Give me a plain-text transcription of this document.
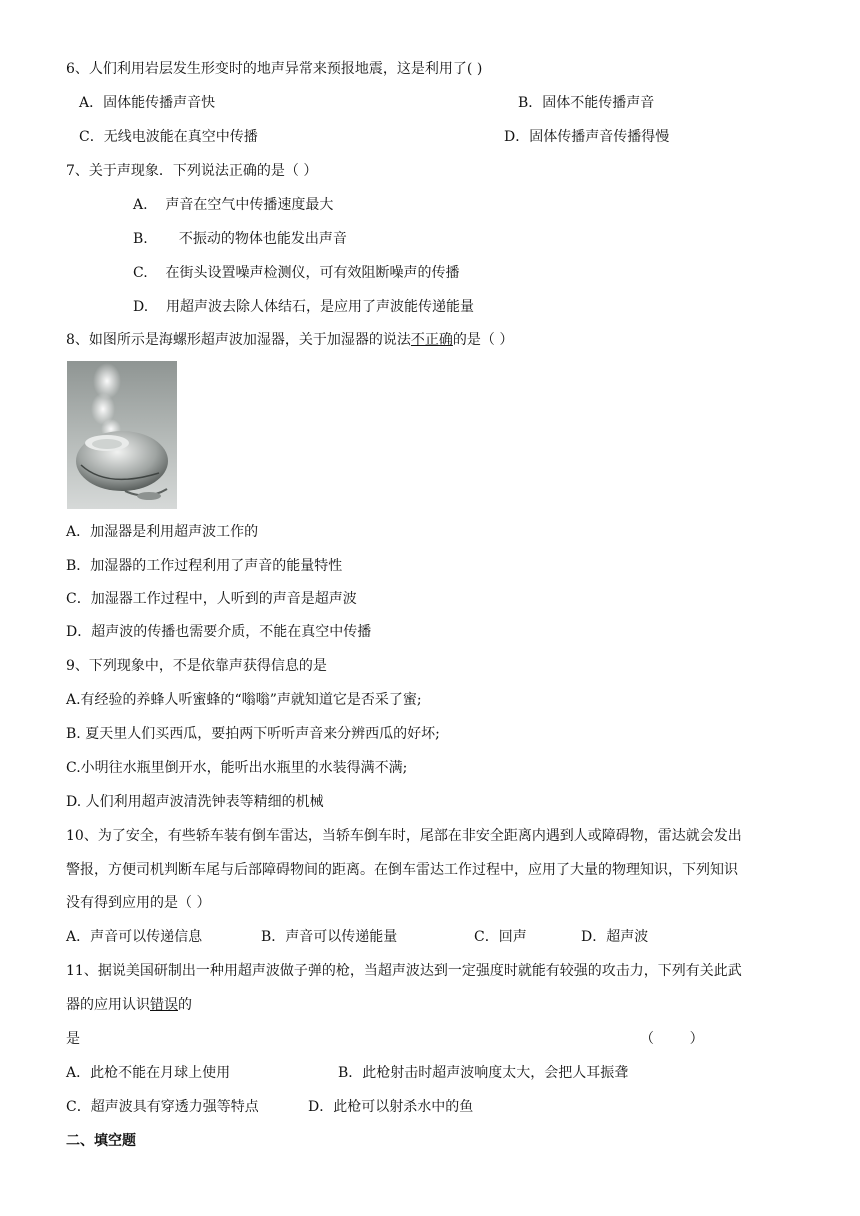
6、人们利用岩层发生形变时的地声异常来预报地震，这是利用了( )
A．固体能传播声音快	B．固体不能传播声音
C．无线电波能在真空中传播	D．固体传播声音传播得慢
7、关于声现象．下列说法正确的是（ ）
A.    声音在空气中传播速度最大
B.       不振动的物体也能发出声音
C.    在街头设置噪声检测仪，可有效阻断噪声的传播
D.    用超声波去除人体结石，是应用了声波能传递能量
8、如图所示是海螺形超声波加湿器，关于加湿器的说法不正确的是（ ）
A．加湿器是利用超声波工作的
B．加湿器的工作过程利用了声音的能量特性
C．加湿器工作过程中，人听到的声音是超声波
D．超声波的传播也需要介质，不能在真空中传播
9、下列现象中，不是依靠声获得信息的是
A.有经验的养蜂人听蜜蜂的“嗡嗡”声就知道它是否采了蜜;
B. 夏天里人们买西瓜，要拍两下听听声音来分辨西瓜的好坏;
C.小明往水瓶里倒开水，能听出水瓶里的水装得满不满;
D. 人们利用超声波清洗钟表等精细的机械
10、为了安全，有些轿车装有倒车雷达，当轿车倒车时，尾部在非安全距离内遇到人或障碍物，雷达就会发出
警报，方便司机判断车尾与后部障碍物间的距离。在倒车雷达工作过程中，应用了大量的物理知识，下列知识
没有得到应用的是（ ）
A．声音可以传递信息	B．声音可以传递能量	C．回声	D．超声波
11、据说美国研制出一种用超声波做子弹的枪，当超声波达到一定强度时就能有较强的攻击力，下列有关此武
器的应用认识错误的
是	（        ）
A．此枪不能在月球上使用	B．此枪射击时超声波响度太大，会把人耳振聋
C．超声波具有穿透力强等特点	D．此枪可以射杀水中的鱼
二、填空题
